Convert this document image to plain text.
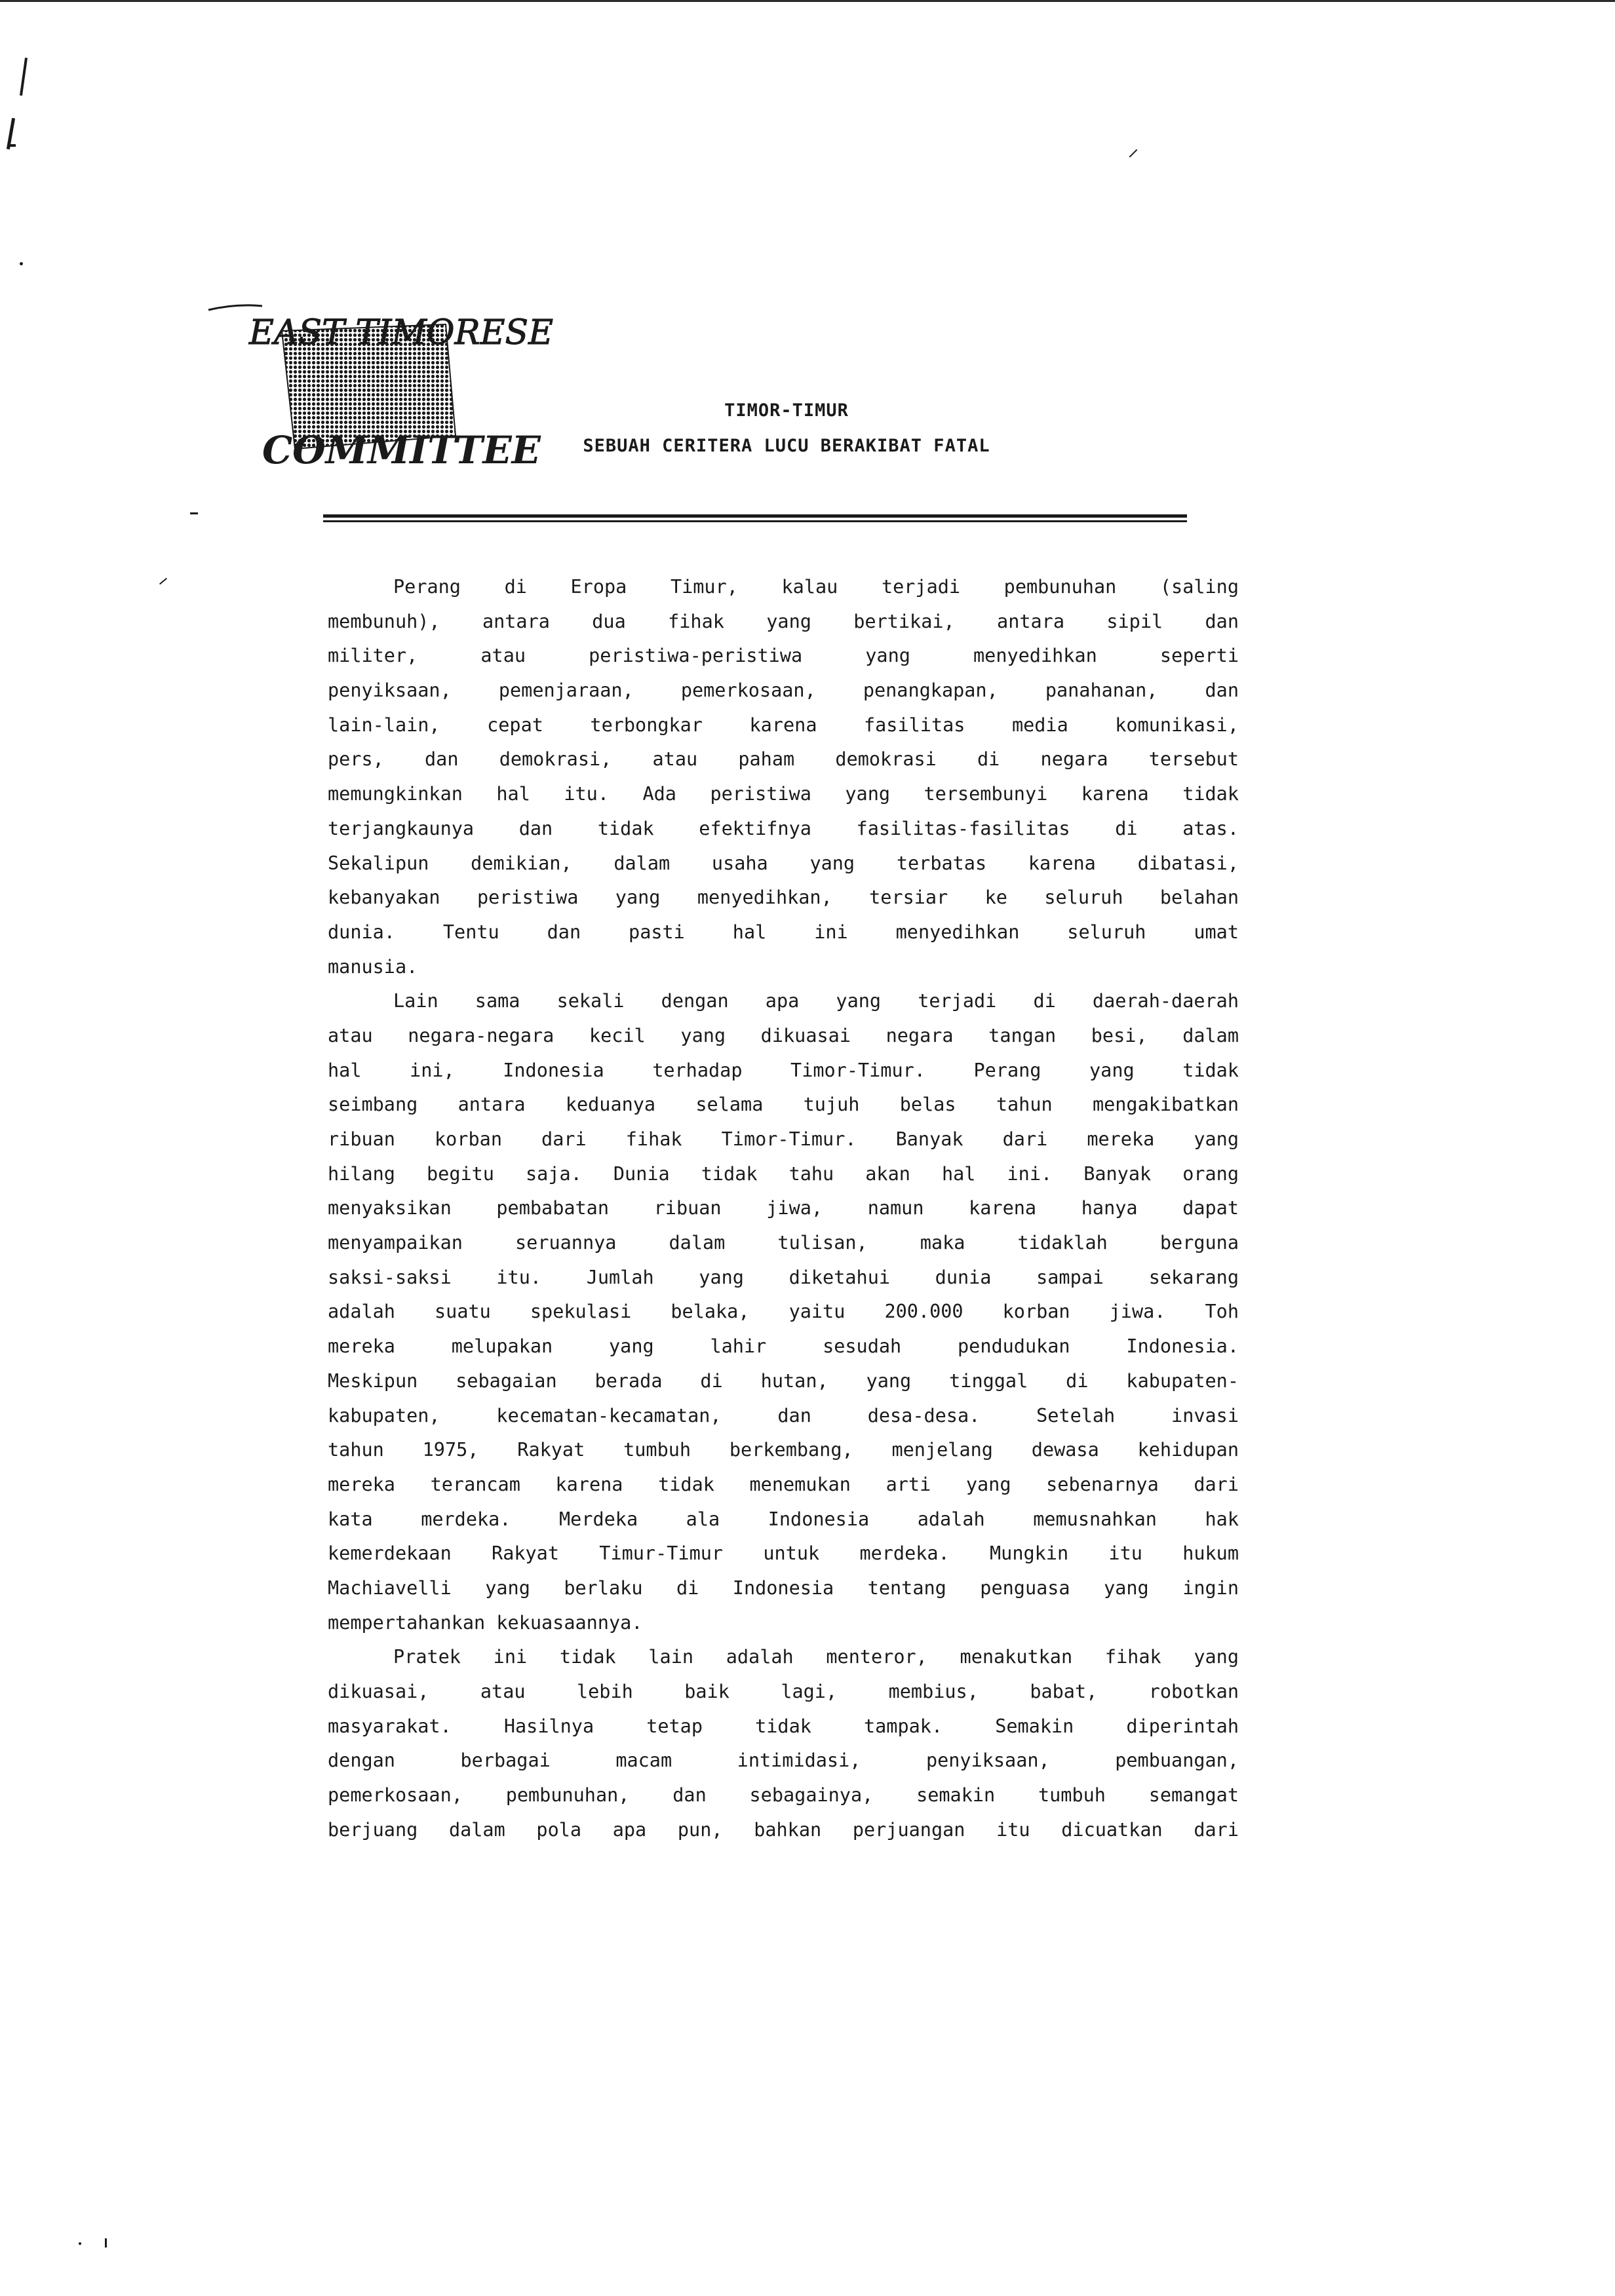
EAST TIMORESE
COMMITTEE
TIMOR-TIMUR
SEBUAH CERITERA LUCU BERAKIBAT FATAL
Perang di Eropa Timur, kalau terjadi pembunuhan (saling
membunuh), antara dua fihak yang bertikai, antara sipil dan
militer, atau peristiwa-peristiwa yang menyedihkan seperti
penyiksaan, pemenjaraan, pemerkosaan, penangkapan, panahanan, dan
lain-lain, cepat terbongkar karena fasilitas media komunikasi,
pers, dan demokrasi, atau paham demokrasi di negara tersebut
memungkinkan hal itu. Ada peristiwa yang tersembunyi karena tidak
terjangkaunya dan tidak efektifnya fasilitas-fasilitas di atas.
Sekalipun demikian, dalam usaha yang terbatas karena dibatasi,
kebanyakan peristiwa yang menyedihkan, tersiar ke seluruh belahan
dunia. Tentu dan pasti hal ini menyedihkan seluruh umat
manusia.
Lain sama sekali dengan apa yang terjadi di daerah-daerah
atau negara-negara kecil yang dikuasai negara tangan besi, dalam
hal ini, Indonesia terhadap Timor-Timur. Perang yang tidak
seimbang antara keduanya selama tujuh belas tahun mengakibatkan
ribuan korban dari fihak Timor-Timur. Banyak dari mereka yang
hilang begitu saja. Dunia tidak tahu akan hal ini. Banyak orang
menyaksikan pembabatan ribuan jiwa, namun karena hanya dapat
menyampaikan seruannya dalam tulisan, maka tidaklah berguna
saksi-saksi itu. Jumlah yang diketahui dunia sampai sekarang
adalah suatu spekulasi belaka, yaitu 200.000 korban jiwa. Toh
mereka melupakan yang lahir sesudah pendudukan Indonesia.
Meskipun sebagaian berada di hutan, yang tinggal di kabupaten-
kabupaten, kecematan-kecamatan, dan desa-desa. Setelah invasi
tahun 1975, Rakyat tumbuh berkembang, menjelang dewasa kehidupan
mereka terancam karena tidak menemukan arti yang sebenarnya dari
kata merdeka. Merdeka ala Indonesia adalah memusnahkan hak
kemerdekaan Rakyat Timur-Timur untuk merdeka. Mungkin itu hukum
Machiavelli yang berlaku di Indonesia tentang penguasa yang ingin
mempertahankan kekuasaannya.
Pratek ini tidak lain adalah menteror, menakutkan fihak yang
dikuasai, atau lebih baik lagi, membius, babat, robotkan
masyarakat. Hasilnya tetap tidak tampak. Semakin diperintah
dengan berbagai macam intimidasi, penyiksaan, pembuangan,
pemerkosaan, pembunuhan, dan sebagainya, semakin tumbuh semangat
berjuang dalam pola apa pun, bahkan perjuangan itu dicuatkan dari
